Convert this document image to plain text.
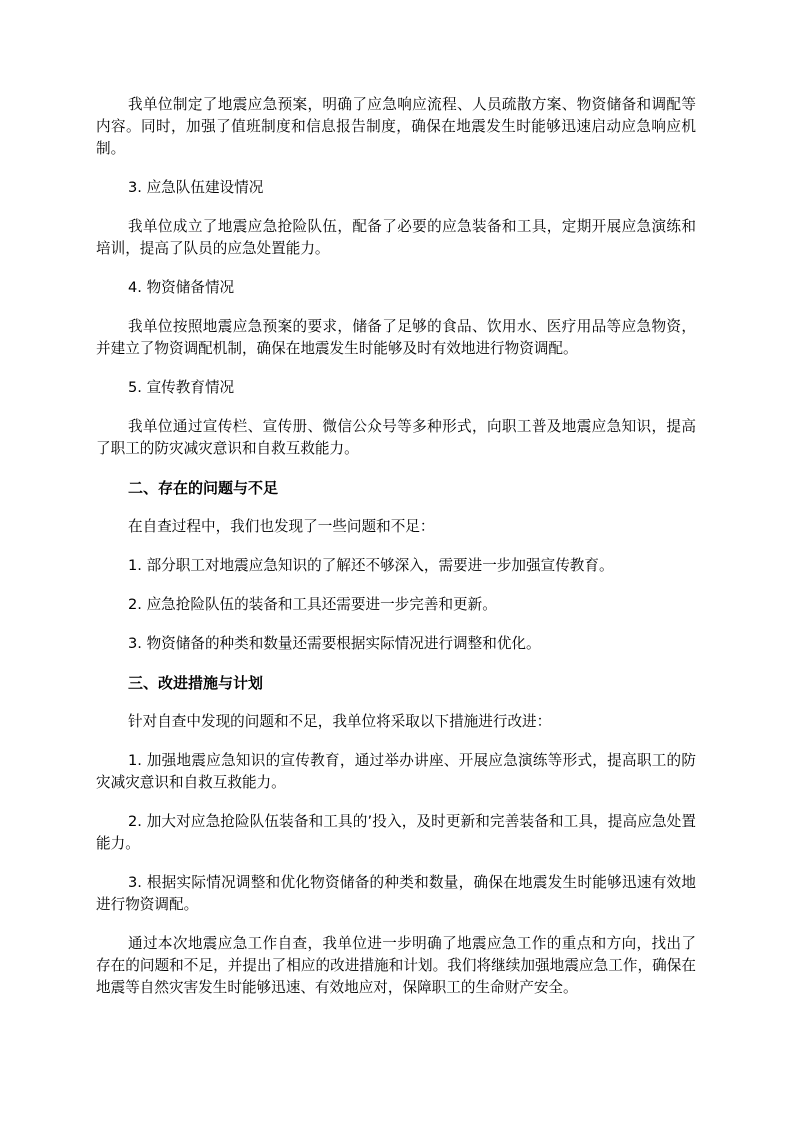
我单位制定了地震应急预案，明确了应急响应流程、人员疏散方案、物资储备和调配等内容。同时，加强了值班制度和信息报告制度，确保在地震发生时能够迅速启动应急响应机制。

3. 应急队伍建设情况

我单位成立了地震应急抢险队伍，配备了必要的应急装备和工具，定期开展应急演练和培训，提高了队员的应急处置能力。

4. 物资储备情况

我单位按照地震应急预案的要求，储备了足够的食品、饮用水、医疗用品等应急物资，并建立了物资调配机制，确保在地震发生时能够及时有效地进行物资调配。

5. 宣传教育情况

我单位通过宣传栏、宣传册、微信公众号等多种形式，向职工普及地震应急知识，提高了职工的防灾减灾意识和自救互救能力。

二、存在的问题与不足

在自查过程中，我们也发现了一些问题和不足：

1. 部分职工对地震应急知识的了解还不够深入，需要进一步加强宣传教育。

2. 应急抢险队伍的装备和工具还需要进一步完善和更新。

3. 物资储备的种类和数量还需要根据实际情况进行调整和优化。

三、改进措施与计划

针对自查中发现的问题和不足，我单位将采取以下措施进行改进：

1. 加强地震应急知识的宣传教育，通过举办讲座、开展应急演练等形式，提高职工的防灾减灾意识和自救互救能力。

2. 加大对应急抢险队伍装备和工具的’投入，及时更新和完善装备和工具，提高应急处置能力。

3. 根据实际情况调整和优化物资储备的种类和数量，确保在地震发生时能够迅速有效地进行物资调配。

通过本次地震应急工作自查，我单位进一步明确了地震应急工作的重点和方向，找出了存在的问题和不足，并提出了相应的改进措施和计划。我们将继续加强地震应急工作，确保在地震等自然灾害发生时能够迅速、有效地应对，保障职工的生命财产安全。
